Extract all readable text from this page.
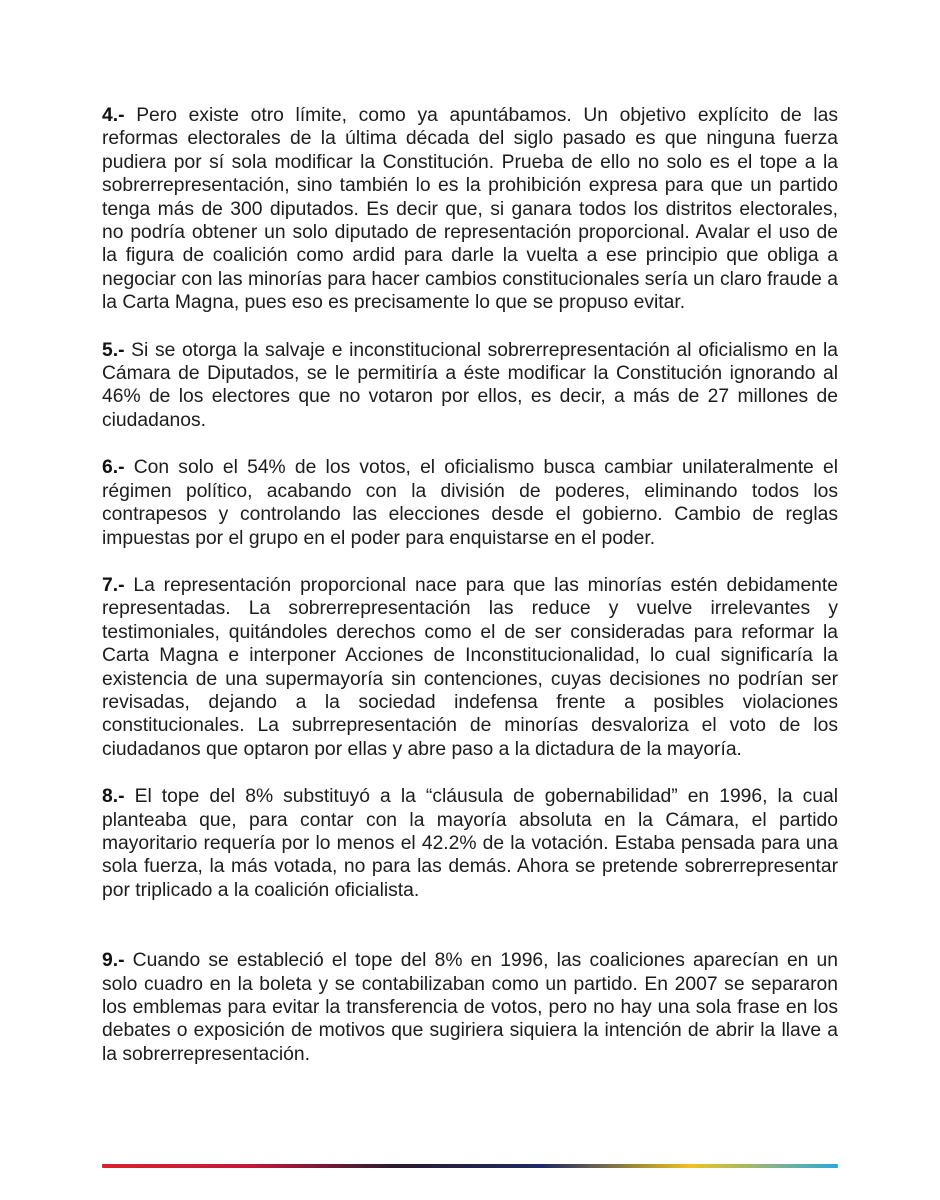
4.- Pero existe otro límite, como ya apuntábamos. Un objetivo explícito de las reformas electorales de la última década del siglo pasado es que ninguna fuerza pudiera por sí sola modificar la Constitución. Prueba de ello no solo es el tope a la sobrerrepresentación, sino también lo es la prohibición expresa para que un partido tenga más de 300 diputados. Es decir que, si ganara todos los distritos electorales, no podría obtener un solo diputado de representación proporcional. Avalar el uso de la figura de coalición como ardid para darle la vuelta a ese principio que obliga a negociar con las minorías para hacer cambios constitucionales sería un claro fraude a la Carta Magna, pues eso es precisamente lo que se propuso evitar.

5.- Si se otorga la salvaje e inconstitucional sobrerrepresentación al oficialismo en la Cámara de Diputados, se le permitiría a éste modificar la Constitución ignorando al 46% de los electores que no votaron por ellos, es decir, a más de 27 millones de ciudadanos.

6.- Con solo el 54% de los votos, el oficialismo busca cambiar unilateralmente el régimen político, acabando con la división de poderes, eliminando todos los contrapesos y controlando las elecciones desde el gobierno. Cambio de reglas impuestas por el grupo en el poder para enquistarse en el poder.

7.- La representación proporcional nace para que las minorías estén debidamente representadas. La sobrerrepresentación las reduce y vuelve irrelevantes y testimoniales, quitándoles derechos como el de ser consideradas para reformar la Carta Magna e interponer Acciones de Inconstitucionalidad, lo cual significaría la existencia de una supermayoría sin contenciones, cuyas decisiones no podrían ser revisadas, dejando a la sociedad indefensa frente a posibles violaciones constitucionales. La subrrepresentación de minorías desvaloriza el voto de los ciudadanos que optaron por ellas y abre paso a la dictadura de la mayoría.

8.- El tope del 8% substituyó a la “cláusula de gobernabilidad” en 1996, la cual planteaba que, para contar con la mayoría absoluta en la Cámara, el partido mayoritario requería por lo menos el 42.2% de la votación. Estaba pensada para una sola fuerza, la más votada, no para las demás. Ahora se pretende sobrerrepresentar por triplicado a la coalición oficialista.

9.- Cuando se estableció el tope del 8% en 1996, las coaliciones aparecían en un solo cuadro en la boleta y se contabilizaban como un partido. En 2007 se separaron los emblemas para evitar la transferencia de votos, pero no hay una sola frase en los debates o exposición de motivos que sugiriera siquiera la intención de abrir la llave a la sobrerrepresentación.
